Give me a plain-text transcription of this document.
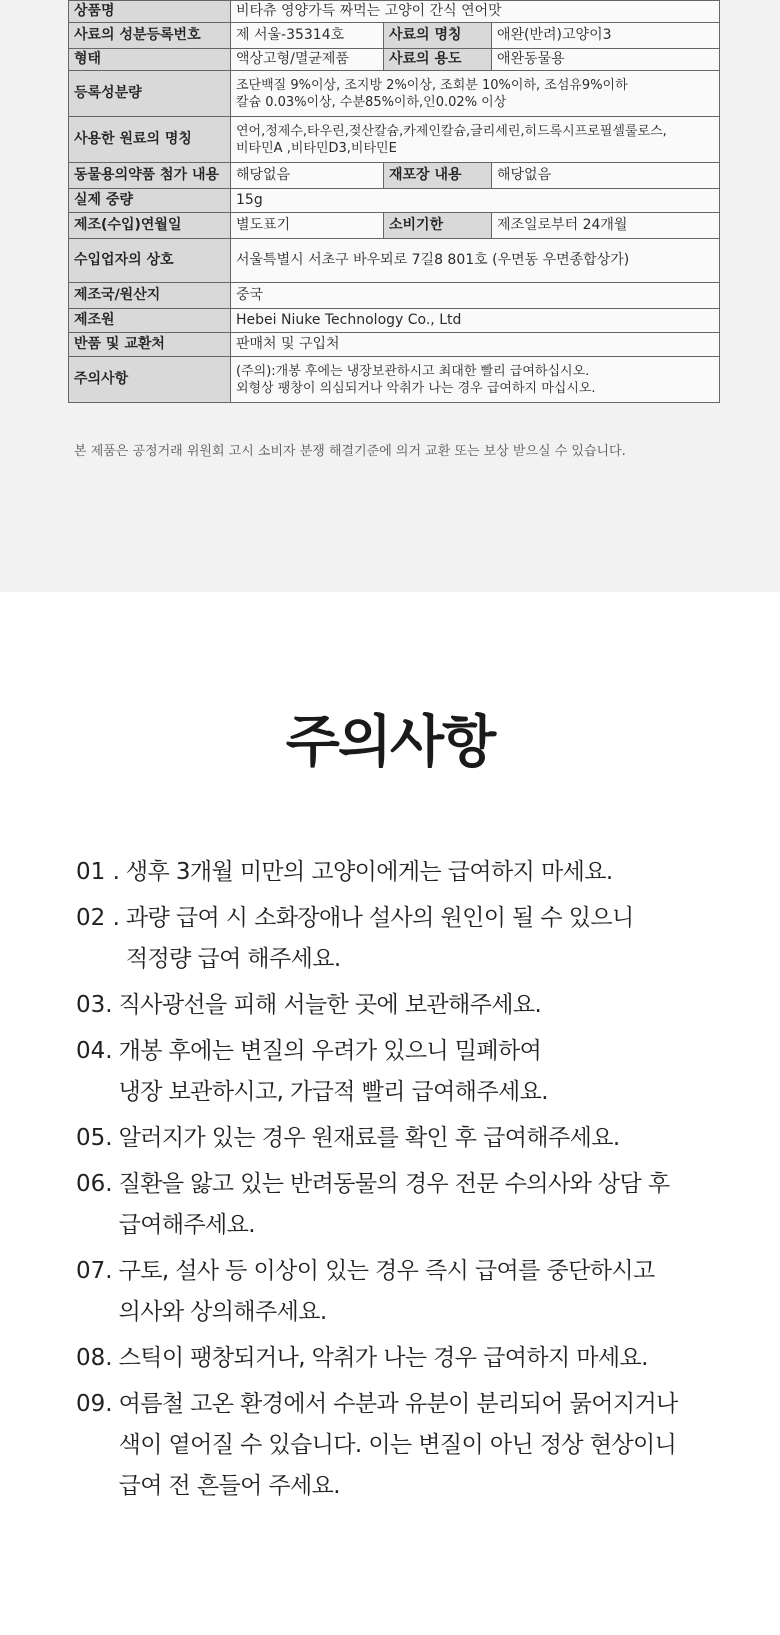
상품명	비타츄 영양가득 짜먹는 고양이 간식 연어맛		
사료의 성분등록번호	제 서울-35314호	사료의 명칭	애완(반려)고양이3
형태	액상고형/멸균제품	사료의 용도	애완동물용
등록성분량	조단백질 9%이상, 조지방 2%이상, 조회분 10%이하, 조섬유9%이하
칼슘 0.03%이상, 수분85%이하,인0.02% 이상		
사용한 원료의 명칭	연어,정제수,타우린,젖산칼슘,카제인칼슘,글리세린,히드록시프로필셀룰로스,
비타민A ,비타민D3,비타민E		
동물용의약품 첨가 내용	해당없음	재포장 내용	해당없음
실제 중량	15g		
제조(수입)연월일	별도표기	소비기한	제조일로부터 24개월
수입업자의 상호	서울특별시 서초구 바우뫼로 7길8 801호 (우면동 우면종합상가)		
제조국/원산지	중국		
제조원	Hebei Niuke Technology Co., Ltd		
반품 및 교환처	판매처 및 구입처		
주의사항	(주의):개봉 후에는 냉장보관하시고 최대한 빨리 급여하십시오.
외형상 팽창이 의심되거나 악취가 나는 경우 급여하지 마십시오.		
본 제품은 공정거래 위원회 고시 소비자 분쟁 해결기준에 의거 교환 또는 보상 받으실 수 있습니다.
주의사항
01 . 생후 3개월 미만의 고양이에게는 급여하지 마세요.
02 . 과량 급여 시 소화장애나 설사의 원인이 될 수 있으니
적정량 급여 해주세요.
03. 직사광선을 피해 서늘한 곳에 보관해주세요.
04. 개봉 후에는 변질의 우려가 있으니 밀폐하여
냉장 보관하시고, 가급적 빨리 급여해주세요.
05. 알러지가 있는 경우 원재료를 확인 후 급여해주세요.
06. 질환을 앓고 있는 반려동물의 경우 전문 수의사와 상담 후
급여해주세요.
07. 구토, 설사 등 이상이 있는 경우 즉시 급여를 중단하시고
의사와 상의해주세요.
08. 스틱이 팽창되거나, 악취가 나는 경우 급여하지 마세요.
09. 여름철 고온 환경에서 수분과 유분이 분리되어 묽어지거나
색이 옅어질 수 있습니다. 이는 변질이 아닌 정상 현상이니
급여 전 흔들어 주세요.
